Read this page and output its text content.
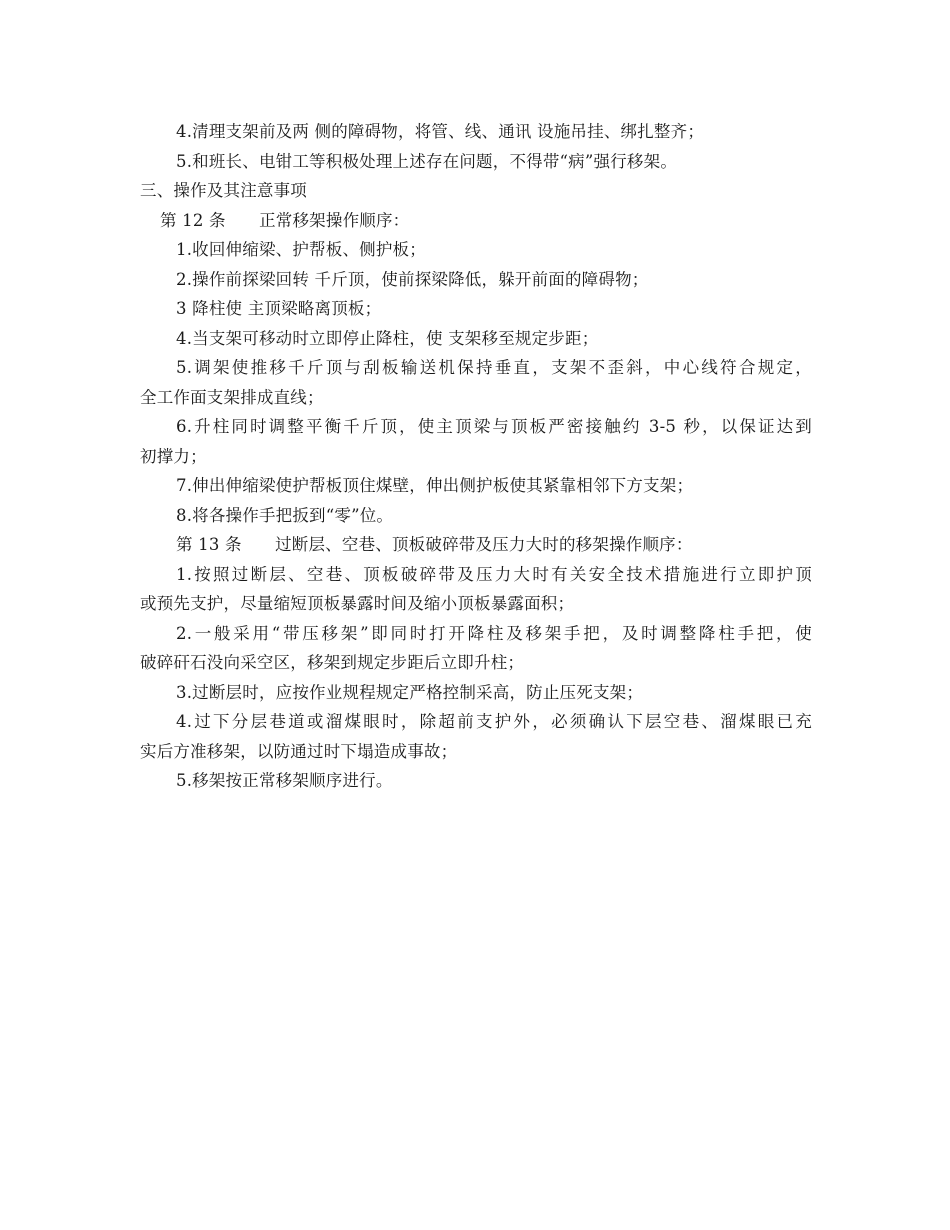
4.清理支架前及两 侧的障碍物，将管、线、通讯 设施吊挂、绑扎整齐；
5.和班长、电钳工等积极处理上述存在问题，不得带“病”强行移架。
三、操作及其注意事项
第 12 条　　正常移架操作顺序：
1.收回伸缩梁、护帮板、侧护板；
2.操作前探梁回转 千斤顶，使前探梁降低，躲开前面的障碍物；
3 降柱使 主顶梁略离顶板；
4.当支架可移动时立即停止降柱，使 支架移至规定步距；
5.调架使推移千斤顶与刮板输送机保持垂直，支架不歪斜，中心线符合规定，
全工作面支架排成直线；
6.升柱同时调整平衡千斤顶，使主顶梁与顶板严密接触约 3-5 秒，以保证达到
初撑力；
7.伸出伸缩梁使护帮板顶住煤壁，伸出侧护板使其紧靠相邻下方支架；
8.将各操作手把扳到“零”位。
第 13 条　　过断层、空巷、顶板破碎带及压力大时的移架操作顺序：
1.按照过断层、空巷、顶板破碎带及压力大时有关安全技术措施进行立即护顶
或预先支护，尽量缩短顶板暴露时间及缩小顶板暴露面积；
2.一般采用“带压移架”即同时打开降柱及移架手把，及时调整降柱手把，使
破碎矸石没向采空区，移架到规定步距后立即升柱；
3.过断层时，应按作业规程规定严格控制采高，防止压死支架；
4.过下分层巷道或溜煤眼时，除超前支护外，必须确认下层空巷、溜煤眼已充
实后方准移架，以防通过时下塌造成事故；
5.移架按正常移架顺序进行。
